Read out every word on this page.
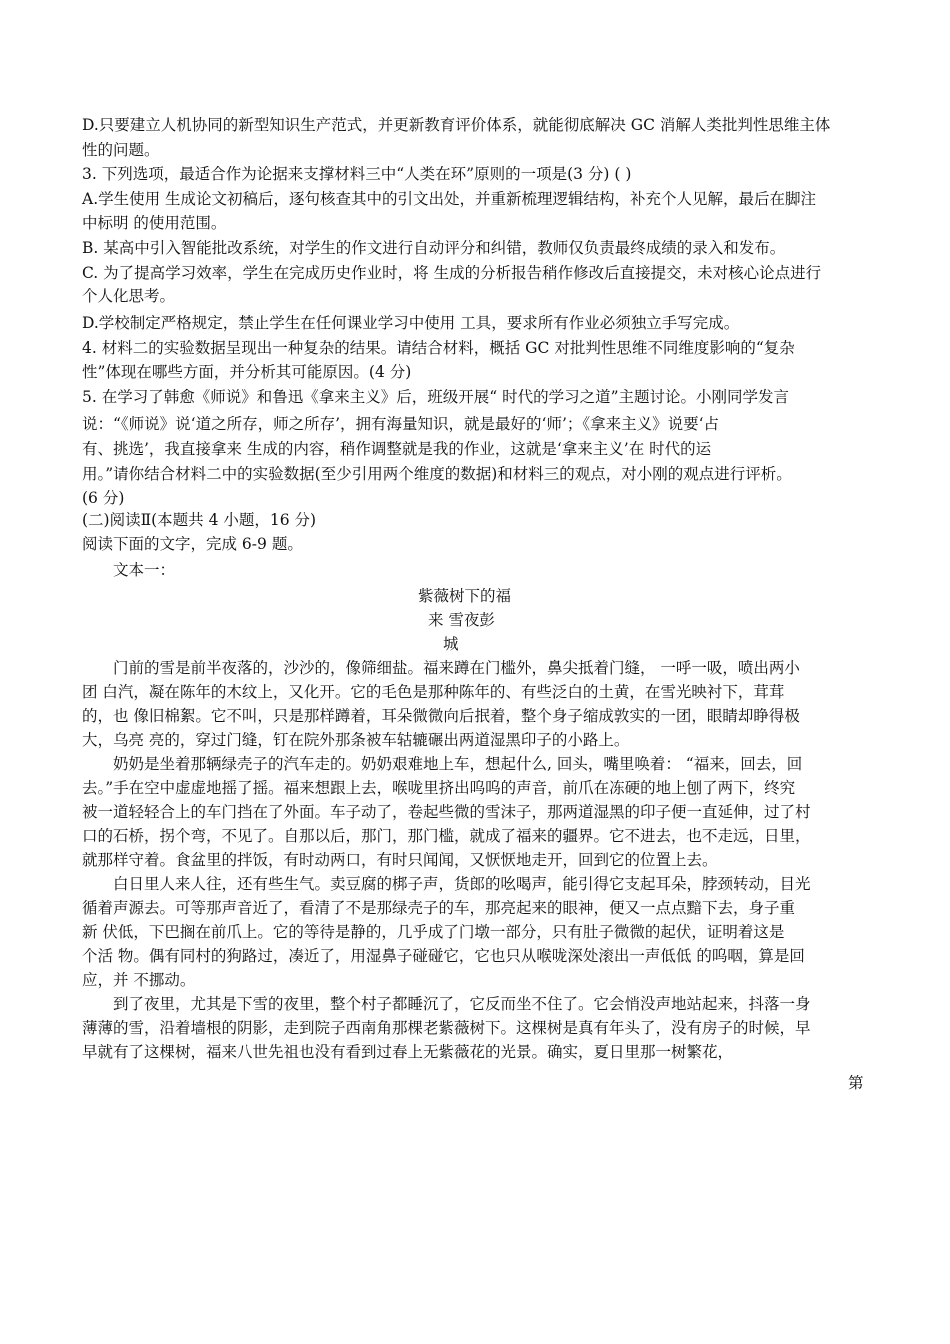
D.只要建立人机协同的新型知识生产范式，并更新教育评价体系，就能彻底解决 GC 消解人类批判性思维主体
性的问题。
3. 下列选项，最适合作为论据来支撑材料三中“人类在环”原则的一项是(3 分) ( )
A.学生使用 生成论文初稿后，逐句核查其中的引文出处，并重新梳理逻辑结构，补充个人见解，最后在脚注
中标明 的使用范围。
B. 某高中引入智能批改系统，对学生的作文进行自动评分和纠错，教师仅负责最终成绩的录入和发布。
C. 为了提高学习效率，学生在完成历史作业时，将 生成的分析报告稍作修改后直接提交，未对核心论点进行
个人化思考。
D.学校制定严格规定，禁止学生在任何课业学习中使用 工具，要求所有作业必须独立手写完成。
4. 材料二的实验数据呈现出一种复杂的结果。请结合材料，概括 GC 对批判性思维不同维度影响的“复杂
性”体现在哪些方面，并分析其可能原因。(4 分)
5. 在学习了韩愈《师说》和鲁迅《拿来主义》后，班级开展“ 时代的学习之道”主题讨论。小刚同学发言
说：“《师说》说‘道之所存，师之所存’，拥有海量知识，就是最好的‘师’；《拿来主义》说要‘占
有、挑选’，我直接拿来 生成的内容，稍作调整就是我的作业，这就是‘拿来主义’在 时代的运
用。”请你结合材料二中的实验数据(至少引用两个维度的数据)和材料三的观点，对小刚的观点进行评析。
(6 分)
(二)阅读Ⅱ(本题共 4 小题，16 分)
阅读下面的文字，完成 6-9 题。
文本一：
紫薇树下的福
来 雪夜彭
城
门前的雪是前半夜落的，沙沙的，像筛细盐。福来蹲在门槛外，鼻尖抵着门缝， 一呼一吸，喷出两小
团 白汽，凝在陈年的木纹上，又化开。它的毛色是那种陈年的、有些泛白的土黄，在雪光映衬下，茸茸
的，也 像旧棉絮。它不叫，只是那样蹲着，耳朵微微向后抿着，整个身子缩成敦实的一团，眼睛却睁得极
大，乌亮 亮的，穿过门缝，钉在院外那条被车轱辘碾出两道湿黑印子的小路上。
奶奶是坐着那辆绿壳子的汽车走的。奶奶艰难地上车，想起什么, 回头，嘴里唤着： “福来，回去，回
去。”手在空中虚虚地摇了摇。福来想跟上去，喉咙里挤出呜呜的声音，前爪在冻硬的地上刨了两下，终究
被一道轻轻合上的车门挡在了外面。车子动了，卷起些微的雪沫子，那两道湿黑的印子便一直延伸，过了村
口的石桥，拐个弯，不见了。自那以后，那门，那门槛，就成了福来的疆界。它不进去，也不走远，日里，
就那样守着。食盆里的拌饭，有时动两口，有时只闻闻，又恹恹地走开，回到它的位置上去。
白日里人来人往，还有些生气。卖豆腐的梆子声，货郎的吆喝声，能引得它支起耳朵，脖颈转动，目光
循着声源去。可等那声音近了，看清了不是那绿壳子的车，那亮起来的眼神，便又一点点黯下去，身子重
新 伏低，下巴搁在前爪上。它的等待是静的，几乎成了门墩一部分，只有肚子微微的起伏，证明着这是
个活 物。偶有同村的狗路过，凑近了，用湿鼻子碰碰它，它也只从喉咙深处滚出一声低低 的呜咽，算是回
应，并 不挪动。
到了夜里，尤其是下雪的夜里，整个村子都睡沉了，它反而坐不住了。它会悄没声地站起来，抖落一身
薄薄的雪，沿着墙根的阴影，走到院子西南角那棵老紫薇树下。这棵树是真有年头了，没有房子的时候，早
早就有了这棵树，福来八世先祖也没有看到过春上无紫薇花的光景。确实，夏日里那一树繁花，
第
